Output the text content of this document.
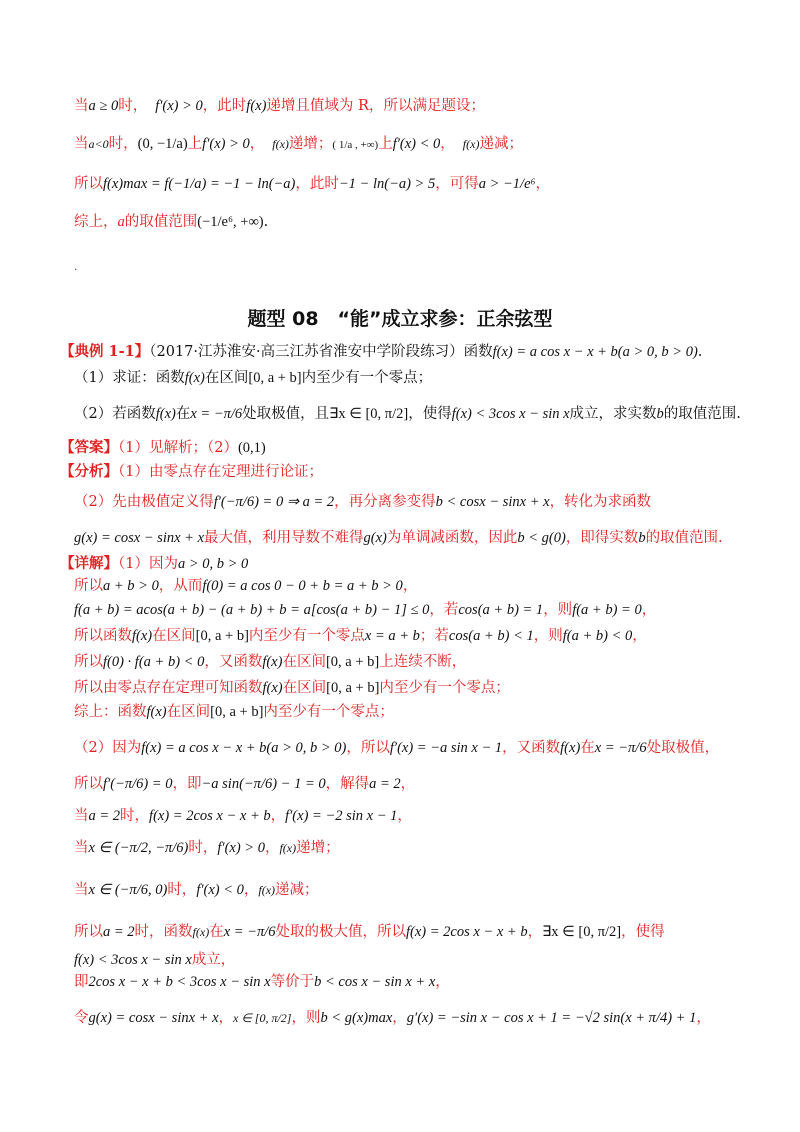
当a ≥ 0时， f′(x) > 0，此时f(x)递增且值域为 R，所以满足题设；
当a<0时，(0, −1/a)上f′(x) > 0， f(x)递增；( 1/a , +∞)上f′(x) < 0， f(x)递减；
所以f(x)max = f(−1/a) = −1 − ln(−a)，此时−1 − ln(−a) > 5，可得a > −1/e⁶，
综上，a的取值范围(−1/e⁶, +∞).
.
题型 08　“能”成立求参：正余弦型
【典例 1-1】（2017·江苏淮安·高三江苏省淮安中学阶段练习）函数f(x) = a cos x − x + b(a > 0, b > 0).
（1）求证：函数f(x)在区间[0, a + b]内至少有一个零点；
（2）若函数f(x)在x = −π/6处取极值，且∃x ∈ [0, π/2]，使得f(x) < 3cos x − sin x成立，求实数b的取值范围.
【答案】（1）见解析；（2）(0,1)
【分析】（1）由零点存在定理进行论证；
（2）先由极值定义得f′(−π/6) = 0 ⇒ a = 2，再分离参变得b < cosx − sinx + x，转化为求函数
g(x) = cosx − sinx + x最大值，利用导数不难得g(x)为单调减函数，因此b < g(0)，即得实数b的取值范围.
【详解】（1）因为a > 0, b > 0
所以a + b > 0，从而f(0) = a cos 0 − 0 + b = a + b > 0，
f(a + b) = acos(a + b) − (a + b) + b = a[cos(a + b) − 1] ≤ 0，若cos(a + b) = 1，则f(a + b) = 0，
所以函数f(x)在区间[0, a + b]内至少有一个零点x = a + b；若cos(a + b) < 1，则f(a + b) < 0，
所以f(0) · f(a + b) < 0，又函数f(x)在区间[0, a + b]上连续不断，
所以由零点存在定理可知函数f(x)在区间[0, a + b]内至少有一个零点；
综上：函数f(x)在区间[0, a + b]内至少有一个零点；
（2）因为f(x) = a cos x − x + b(a > 0, b > 0)，所以f′(x) = −a sin x − 1，又函数f(x)在x = −π/6处取极值，
所以f′(−π/6) = 0，即−a sin(−π/6) − 1 = 0，解得a = 2，
当a = 2时，f(x) = 2cos x − x + b，f′(x) = −2 sin x − 1，
当x ∈ (−π/2, −π/6)时，f′(x) > 0，f(x)递增；
当x ∈ (−π/6, 0)时，f′(x) < 0，f(x)递减；
所以a = 2时，函数f(x)在x = −π/6处取的极大值，所以f(x) = 2cos x − x + b，∃x ∈ [0, π/2]，使得
f(x) < 3cos x − sin x成立，
即2cos x − x + b < 3cos x − sin x等价于b < cos x − sin x + x，
令g(x) = cosx − sinx + x，x ∈ [0, π/2]，则b < g(x)max，g′(x) = −sin x − cos x + 1 = −√2 sin(x + π/4) + 1，
